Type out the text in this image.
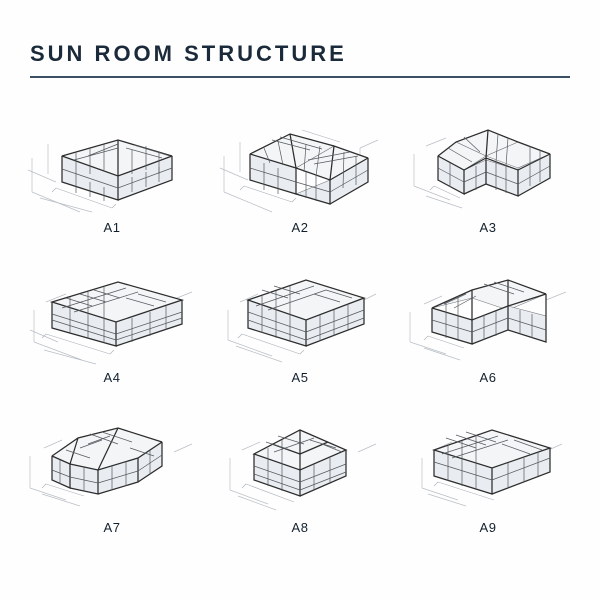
SUN ROOM STRUCTURE
A1	A2	A3
A4	A5	A6
A7	A8	A9
